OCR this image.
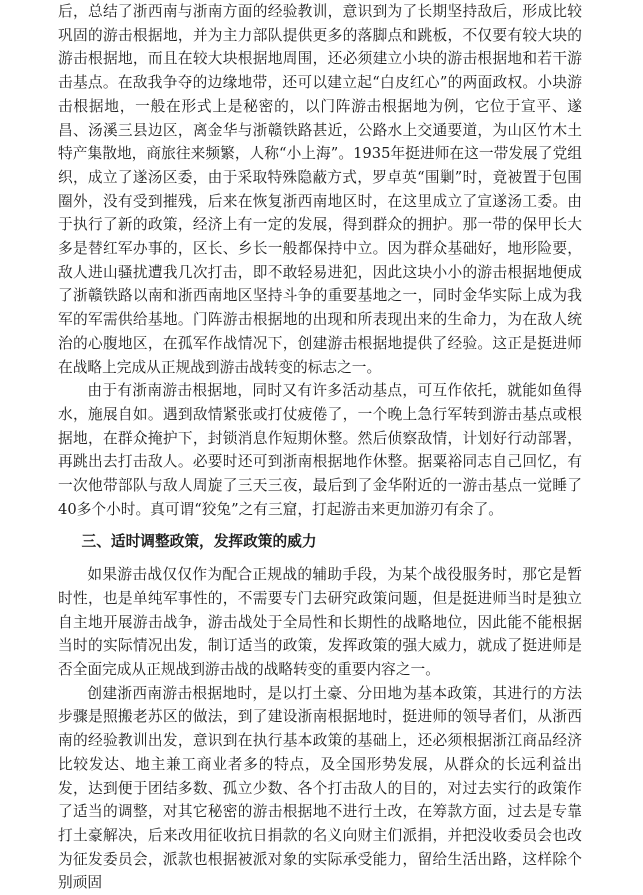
后，总结了浙西南与浙南方面的经验教训，意识到为了长期坚持敌后，形成比较巩固的游击根据地，并为主力部队提供更多的落脚点和跳板，不仅要有较大块的游击根据地，而且在较大块根据地周围，还必须建立小块的游击根据地和若干游击基点。在敌我争夺的边缘地带，还可以建立起“白皮红心”的两面政权。小块游击根据地，一般在形式上是秘密的，以门阵游击根据地为例，它位于宣平、遂昌、汤溪三县边区，离金华与浙赣铁路甚近，公路水上交通要道，为山区竹木土特产集散地，商旅往来频繁，人称“小上海”。1935年挺进师在这一带发展了党组织，成立了遂汤区委，由于采取特殊隐蔽方式，罗卓英“围剿”时，竟被置于包围圈外，没有受到摧残，后来在恢复浙西南地区时，在这里成立了宣遂汤工委。由于执行了新的政策，经济上有一定的发展，得到群众的拥护。那一带的保甲长大多是替红军办事的，区长、乡长一般都保持中立。因为群众基础好，地形险要，敌人进山骚扰遭我几次打击，即不敢轻易进犯，因此这块小小的游击根据地便成了浙赣铁路以南和浙西南地区坚持斗争的重要基地之一，同时金华实际上成为我军的军需供给基地。门阵游击根据地的出现和所表现出来的生命力，为在敌人统治的心腹地区，在孤军作战情况下，创建游击根据地提供了经验。这正是挺进师在战略上完成从正规战到游击战转变的标志之一。

由于有浙南游击根据地，同时又有许多活动基点，可互作依托，就能如鱼得水，施展自如。遇到敌情紧张或打仗疲倦了，一个晚上急行军转到游击基点或根据地，在群众掩护下，封锁消息作短期休整。然后侦察敌情，计划好行动部署，再跳出去打击敌人。必要时还可到浙南根据地作休整。据粟裕同志自己回忆，有一次他带部队与敌人周旋了三天三夜，最后到了金华附近的一游击基点一觉睡了40多个小时。真可谓“狡兔”之有三窟，打起游击来更加游刃有余了。

三、适时调整政策，发挥政策的威力

如果游击战仅仅作为配合正规战的辅助手段，为某个战役服务时，那它是暂时性，也是单纯军事性的，不需要专门去研究政策问题，但是挺进师当时是独立自主地开展游击战争，游击战处于全局性和长期性的战略地位，因此能不能根据当时的实际情况出发，制订适当的政策，发挥政策的强大威力，就成了挺进师是否全面完成从正规战到游击战的战略转变的重要内容之一。

创建浙西南游击根据地时，是以打土豪、分田地为基本政策，其进行的方法步骤是照搬老苏区的做法，到了建设浙南根据地时，挺进师的领导者们，从浙西南的经验教训出发，意识到在执行基本政策的基础上，还必须根据浙江商品经济比较发达、地主兼工商业者多的特点，及全国形势发展，从群众的长远利益出发，达到便于团结多数、孤立少数、各个打击敌人的目的，对过去实行的政策作了适当的调整，对其它秘密的游击根据地不进行土改，在筹款方面，过去是专靠打土豪解决，后来改用征收抗日捐款的名义向财主们派捐，并把没收委员会也改为征发委员会，派款也根据被派对象的实际承受能力，留给生活出路，这样除个别顽固
